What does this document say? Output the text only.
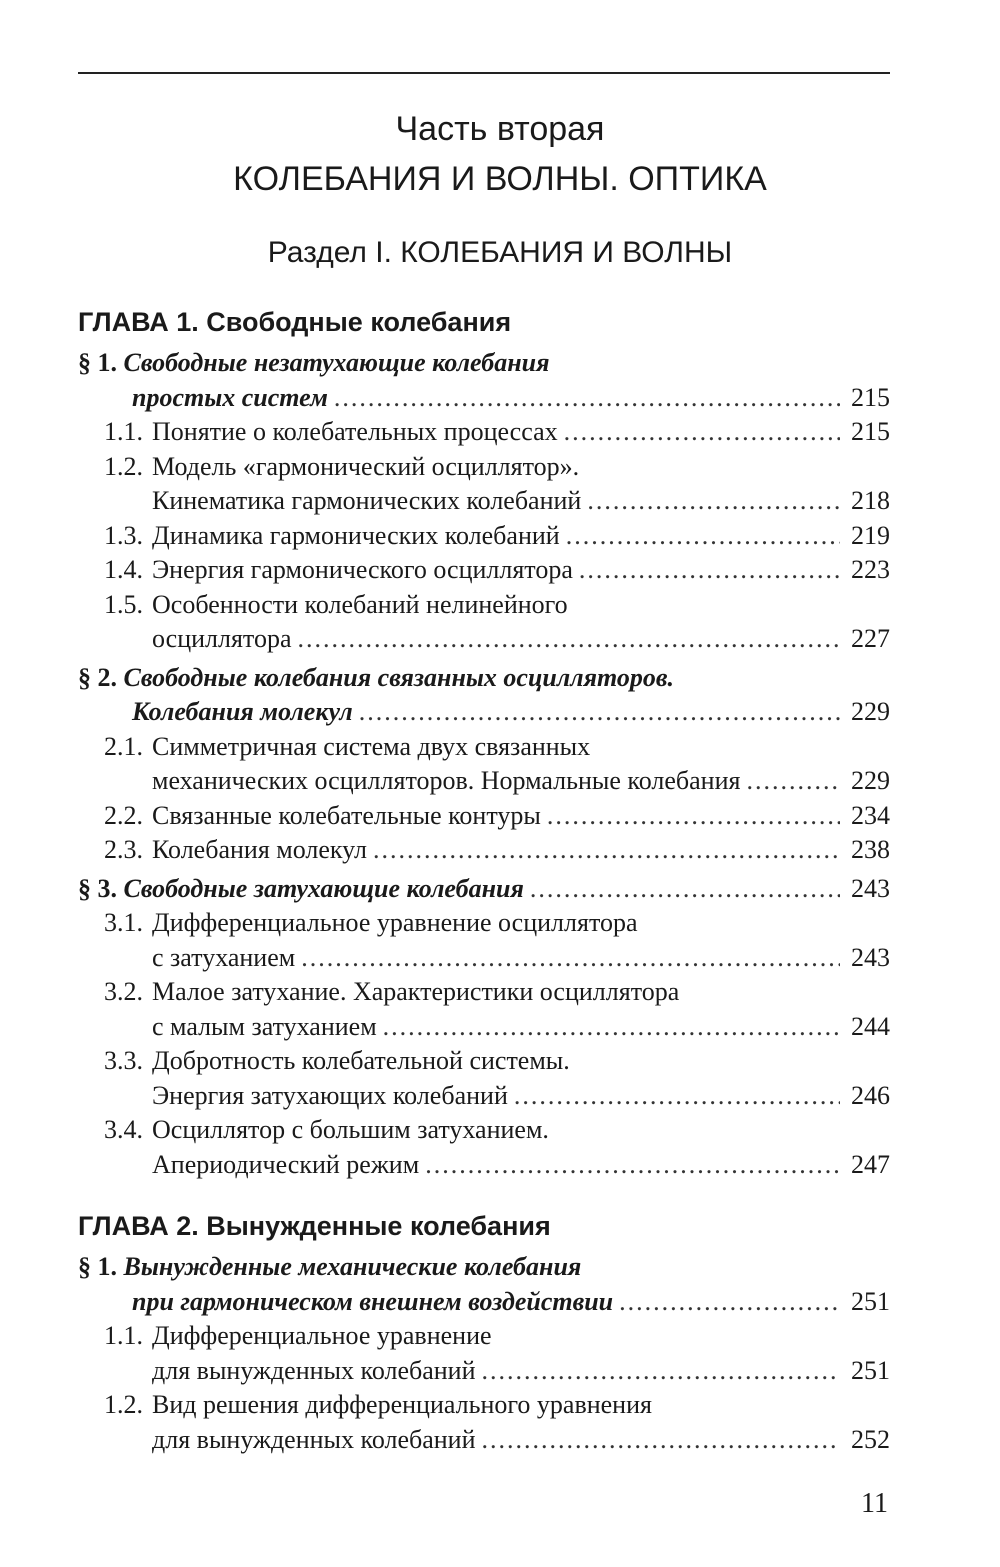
Часть вторая
КОЛЕБАНИЯ И ВОЛНЫ. ОПТИКА
Раздел I. КОЛЕБАНИЯ И ВОЛНЫ
ГЛАВА 1. Свободные колебания
§ 1. Свободные незатухающие колебания
простых систем .....	215
1.1. Понятие о колебательных процессах .....	215
1.2. Модель «гармонический осциллятор».
Кинематика гармонических колебаний .....	218
1.3. Динамика гармонических колебаний .....	219
1.4. Энергия гармонического осциллятора .....	223
1.5. Особенности колебаний нелинейного
осциллятора .....	227
§ 2. Свободные колебания связанных осцилляторов.
Колебания молекул .....	229
2.1. Симметричная система двух связанных
механических осцилляторов. Нормальные колебания .....	229
2.2. Связанные колебательные контуры .....	234
2.3. Колебания молекул .....	238
§ 3. Свободные затухающие колебания .....	243
3.1. Дифференциальное уравнение осциллятора
с затуханием .....	243
3.2. Малое затухание. Характеристики осциллятора
с малым затуханием .....	244
3.3. Добротность колебательной системы.
Энергия затухающих колебаний .....	246
3.4. Осциллятор с большим затуханием.
Апериодический режим .....	247
ГЛАВА 2. Вынужденные колебания
§ 1. Вынужденные механические колебания
при гармоническом внешнем воздействии .....	251
1.1. Дифференциальное уравнение
для вынужденных колебаний .....	251
1.2. Вид решения дифференциального уравнения
для вынужденных колебаний .....	252
11
